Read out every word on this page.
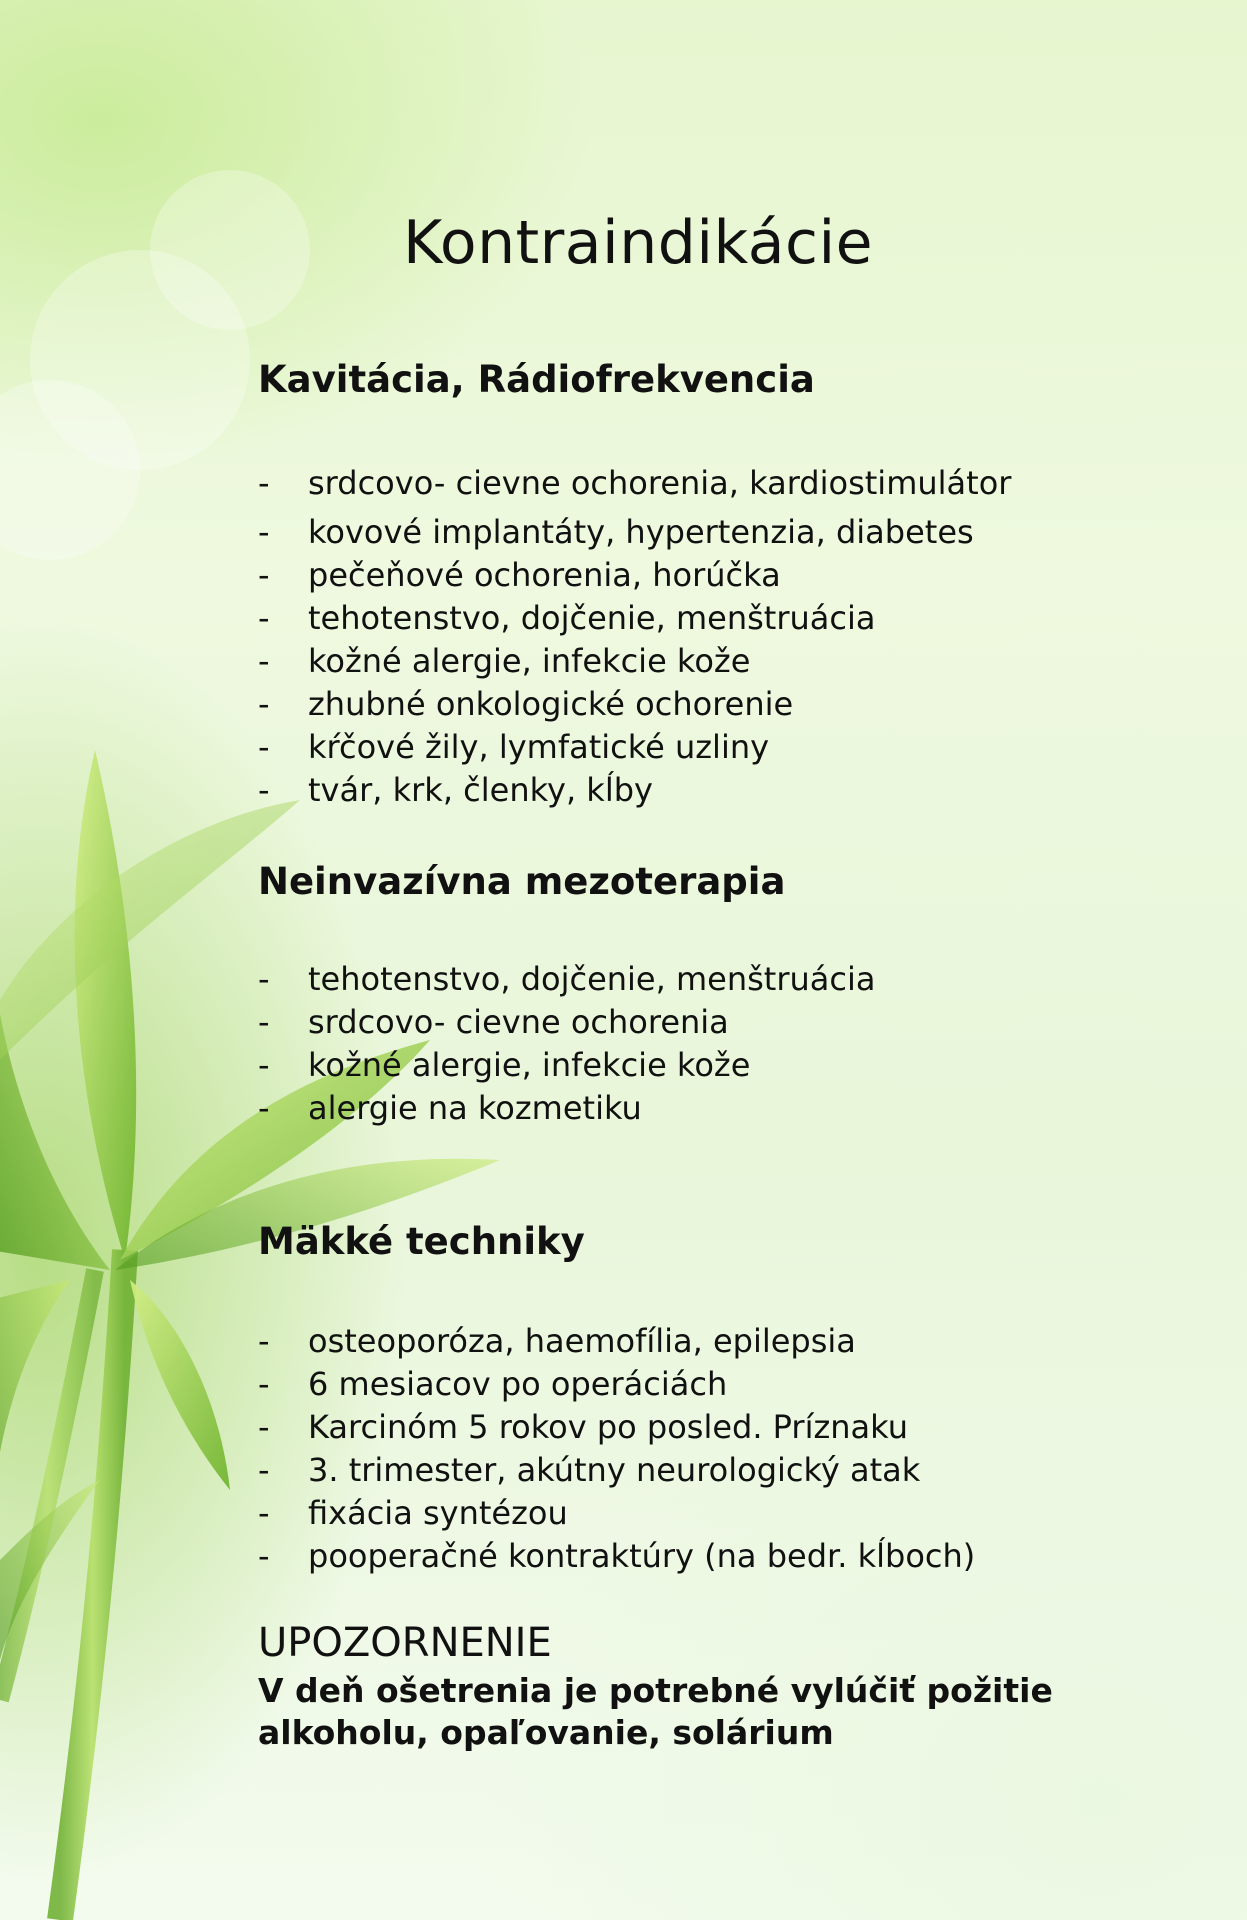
Kontraindikácie
Kavitácia, Rádiofrekvencia
- srdcovo- cievne ochorenia, kardiostimulátor
- kovové implantáty, hypertenzia, diabetes
- pečeňové ochorenia, horúčka
- tehotenstvo, dojčenie, menštruácia
- kožné alergie, infekcie kože
- zhubné onkologické ochorenie
- kŕčové žily, lymfatické uzliny
- tvár, krk, členky, kĺby
Neinvazívna mezoterapia
- tehotenstvo, dojčenie, menštruácia
- srdcovo- cievne ochorenia
- kožné alergie, infekcie kože
- alergie na kozmetiku
Mäkké techniky
- osteoporóza, haemofília, epilepsia
- 6 mesiacov po operáciách
- Karcinóm 5 rokov po posled. Príznaku
- 3. trimester, akútny neurologický atak
- fixácia syntézou
- pooperačné kontraktúry (na bedr. kĺboch)
UPOZORNENIE
V deň ošetrenia je potrebné vylúčiť požitie alkoholu, opaľovanie, solárium
